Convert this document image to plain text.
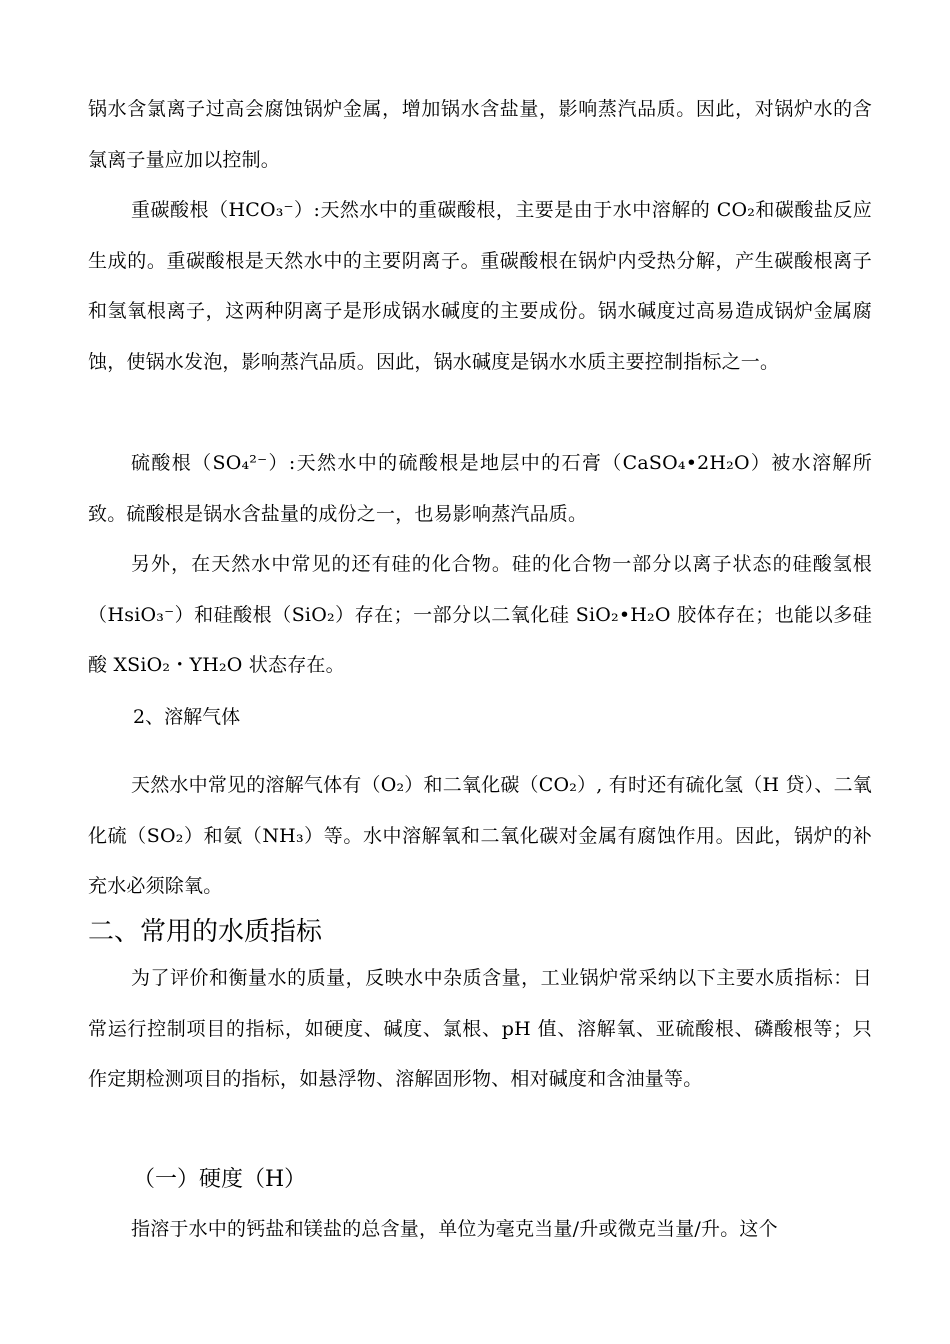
锅水含氯离子过高会腐蚀锅炉金属，增加锅水含盐量，影响蒸汽品质。因此，对锅炉水的含氯离子量应加以控制。

重碳酸根（HCO₃⁻）:天然水中的重碳酸根，主要是由于水中溶解的 CO₂和碳酸盐反应生成的。重碳酸根是天然水中的主要阴离子。重碳酸根在锅炉内受热分解，产生碳酸根离子和氢氧根离子，这两种阴离子是形成锅水碱度的主要成份。锅水碱度过高易造成锅炉金属腐蚀，使锅水发泡，影响蒸汽品质。因此，锅水碱度是锅水水质主要控制指标之一。

硫酸根（SO₄²⁻）:天然水中的硫酸根是地层中的石膏（CaSO₄•2H₂O）被水溶解所致。硫酸根是锅水含盐量的成份之一，也易影响蒸汽品质。

另外，在天然水中常见的还有硅的化合物。硅的化合物一部分以离子状态的硅酸氢根（HsiO₃⁻）和硅酸根（SiO₂）存在；一部分以二氧化硅 SiO₂•H₂O 胶体存在；也能以多硅酸 XSiO₂・YH₂O 状态存在。

2、溶解气体

天然水中常见的溶解气体有（O₂）和二氧化碳（CO₂）, 有时还有硫化氢（H 贷）、二氧化硫（SO₂）和氨（NH₃）等。水中溶解氧和二氧化碳对金属有腐蚀作用。因此，锅炉的补充水必须除氧。

二、常用的水质指标

为了评价和衡量水的质量，反映水中杂质含量，工业锅炉常采纳以下主要水质指标：日常运行控制项目的指标，如硬度、碱度、氯根、pH 值、溶解氧、亚硫酸根、磷酸根等；只作定期检测项目的指标，如悬浮物、溶解固形物、相对碱度和含油量等。

（一）硬度（H）

指溶于水中的钙盐和镁盐的总含量，单位为毫克当量/升或微克当量/升。这个
